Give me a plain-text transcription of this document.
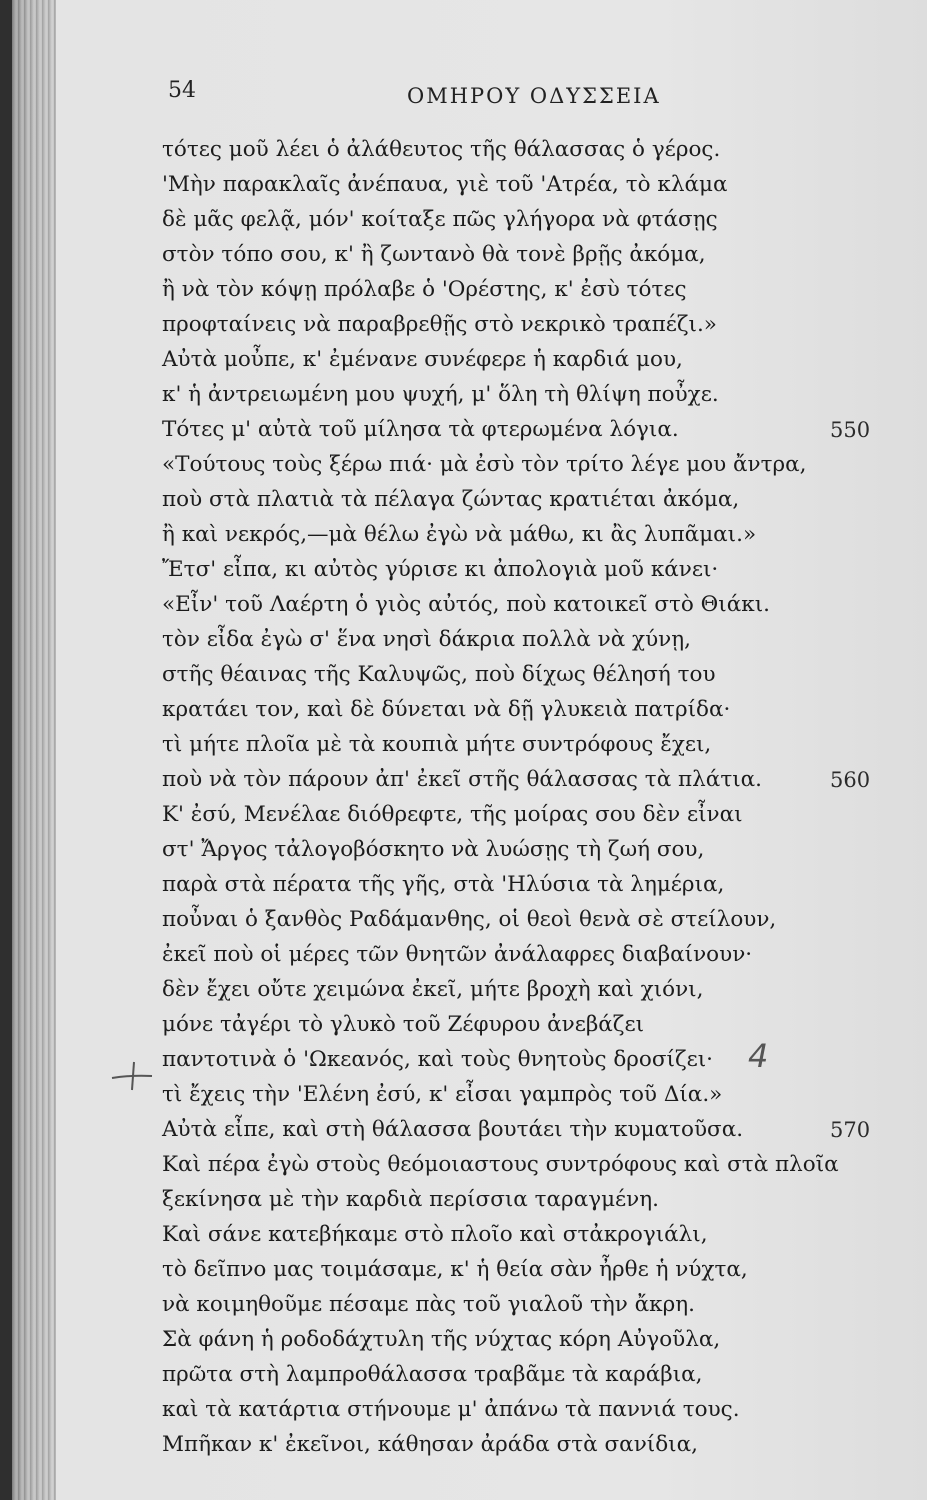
54	ΟΜΗΡΟΥ ΟΔΥΣΣΕΙΑ
τότες μοῦ λέει ὁ ἀλάθευτος τῆς θάλασσας ὁ γέρος.
'Μὴν παρακλαῖς ἀνέπαυα, γιὲ τοῦ 'Ατρέα, τὸ κλάμα
δὲ μᾶς φελᾷ, μόν' κοίταξε πῶς γλήγορα νὰ φτάσῃς
στὸν τόπο σου, κ' ἢ ζωντανὸ θὰ τονὲ βρῇς ἀκόμα,
ἢ νὰ τὸν κόψῃ πρόλαβε ὁ 'Ορέστης, κ' ἐσὺ τότες
προφταίνεις νὰ παραβρεθῇς στὸ νεκρικὸ τραπέζι.»
Αὐτὰ μοὖπε, κ' ἐμένανε συνέφερε ἡ καρδιά μου,
κ' ἡ ἀντρειωμένη μου ψυχή, μ' ὅλη τὴ θλίψη ποὖχε.
Τότες μ' αὐτὰ τοῦ μίλησα τὰ φτερωμένα λόγια.
«Τούτους τοὺς ξέρω πιά· μὰ ἐσὺ τὸν τρίτο λέγε μου ἄντρα,
ποὺ στὰ πλατιὰ τὰ πέλαγα ζώντας κρατιέται ἀκόμα,
ἢ καὶ νεκρός,—μὰ θέλω ἐγὼ νὰ μάθω, κι ἂς λυπᾶμαι.»
Ἔτσ' εἶπα, κι αὐτὸς γύρισε κι ἀπολογιὰ μοῦ κάνει·
«Εἶν' τοῦ Λαέρτη ὁ γιὸς αὐτός, ποὺ κατοικεῖ στὸ Θιάκι.
τὸν εἶδα ἐγὼ σ' ἕνα νησὶ δάκρια πολλὰ νὰ χύνῃ,
στῆς θέαινας τῆς Καλυψῶς, ποὺ δίχως θέλησή του
κρατάει τον, καὶ δὲ δύνεται νὰ δῇ γλυκειὰ πατρίδα·
τὶ μήτε πλοῖα μὲ τὰ κουπιὰ μήτε συντρόφους ἔχει,
ποὺ νὰ τὸν πάρουν ἀπ' ἐκεῖ στῆς θάλασσας τὰ πλάτια.
Κ' ἐσύ, Μενέλαε διόθρεφτε, τῆς μοίρας σου δὲν εἶναι
στ' Ἄργος τἀλογοβόσκητο νὰ λυώσῃς τὴ ζωή σου,
παρὰ στὰ πέρατα τῆς γῆς, στὰ 'Ηλύσια τὰ λημέρια,
ποὖναι ὁ ξανθὸς Ραδάμανθης, οἱ θεοὶ θενὰ σὲ στείλουν,
ἐκεῖ ποὺ οἱ μέρες τῶν θνητῶν ἀνάλαφρες διαβαίνουν·
δὲν ἔχει οὔτε χειμώνα ἐκεῖ, μήτε βροχὴ καὶ χιόνι,
μόνε τἀγέρι τὸ γλυκὸ τοῦ Ζέφυρου ἀνεβάζει
παντοτινὰ ὁ 'Ωκεανός, καὶ τοὺς θνητοὺς δροσίζει·
τὶ ἔχεις τὴν 'Ελένη ἐσύ, κ' εἶσαι γαμπρὸς τοῦ Δία.»
Αὐτὰ εἶπε, καὶ στὴ θάλασσα βουτάει τὴν κυματοῦσα.
Καὶ πέρα ἐγὼ στοὺς θεόμοιαστους συντρόφους καὶ στὰ πλοῖα
ξεκίνησα μὲ τὴν καρδιὰ περίσσια ταραγμένη.
Καὶ σάνε κατεβήκαμε στὸ πλοῖο καὶ στἀκρογιάλι,
τὸ δεῖπνο μας τοιμάσαμε, κ' ἡ θεία σὰν ἦρθε ἡ νύχτα,
νὰ κοιμηθοῦμε πέσαμε πὰς τοῦ γιαλοῦ τὴν ἄκρη.
Σὰ φάνη ἡ ροδοδάχτυλη τῆς νύχτας κόρη Αὐγοῦλα,
πρῶτα στὴ λαμπροθάλασσα τραβᾶμε τὰ καράβια,
καὶ τὰ κατάρτια στήνουμε μ' ἀπάνω τὰ παννιά τους.
Μπῆκαν κ' ἐκεῖνοι, κάθησαν ἀράδα στὰ σανίδια,
550
560
570
4
